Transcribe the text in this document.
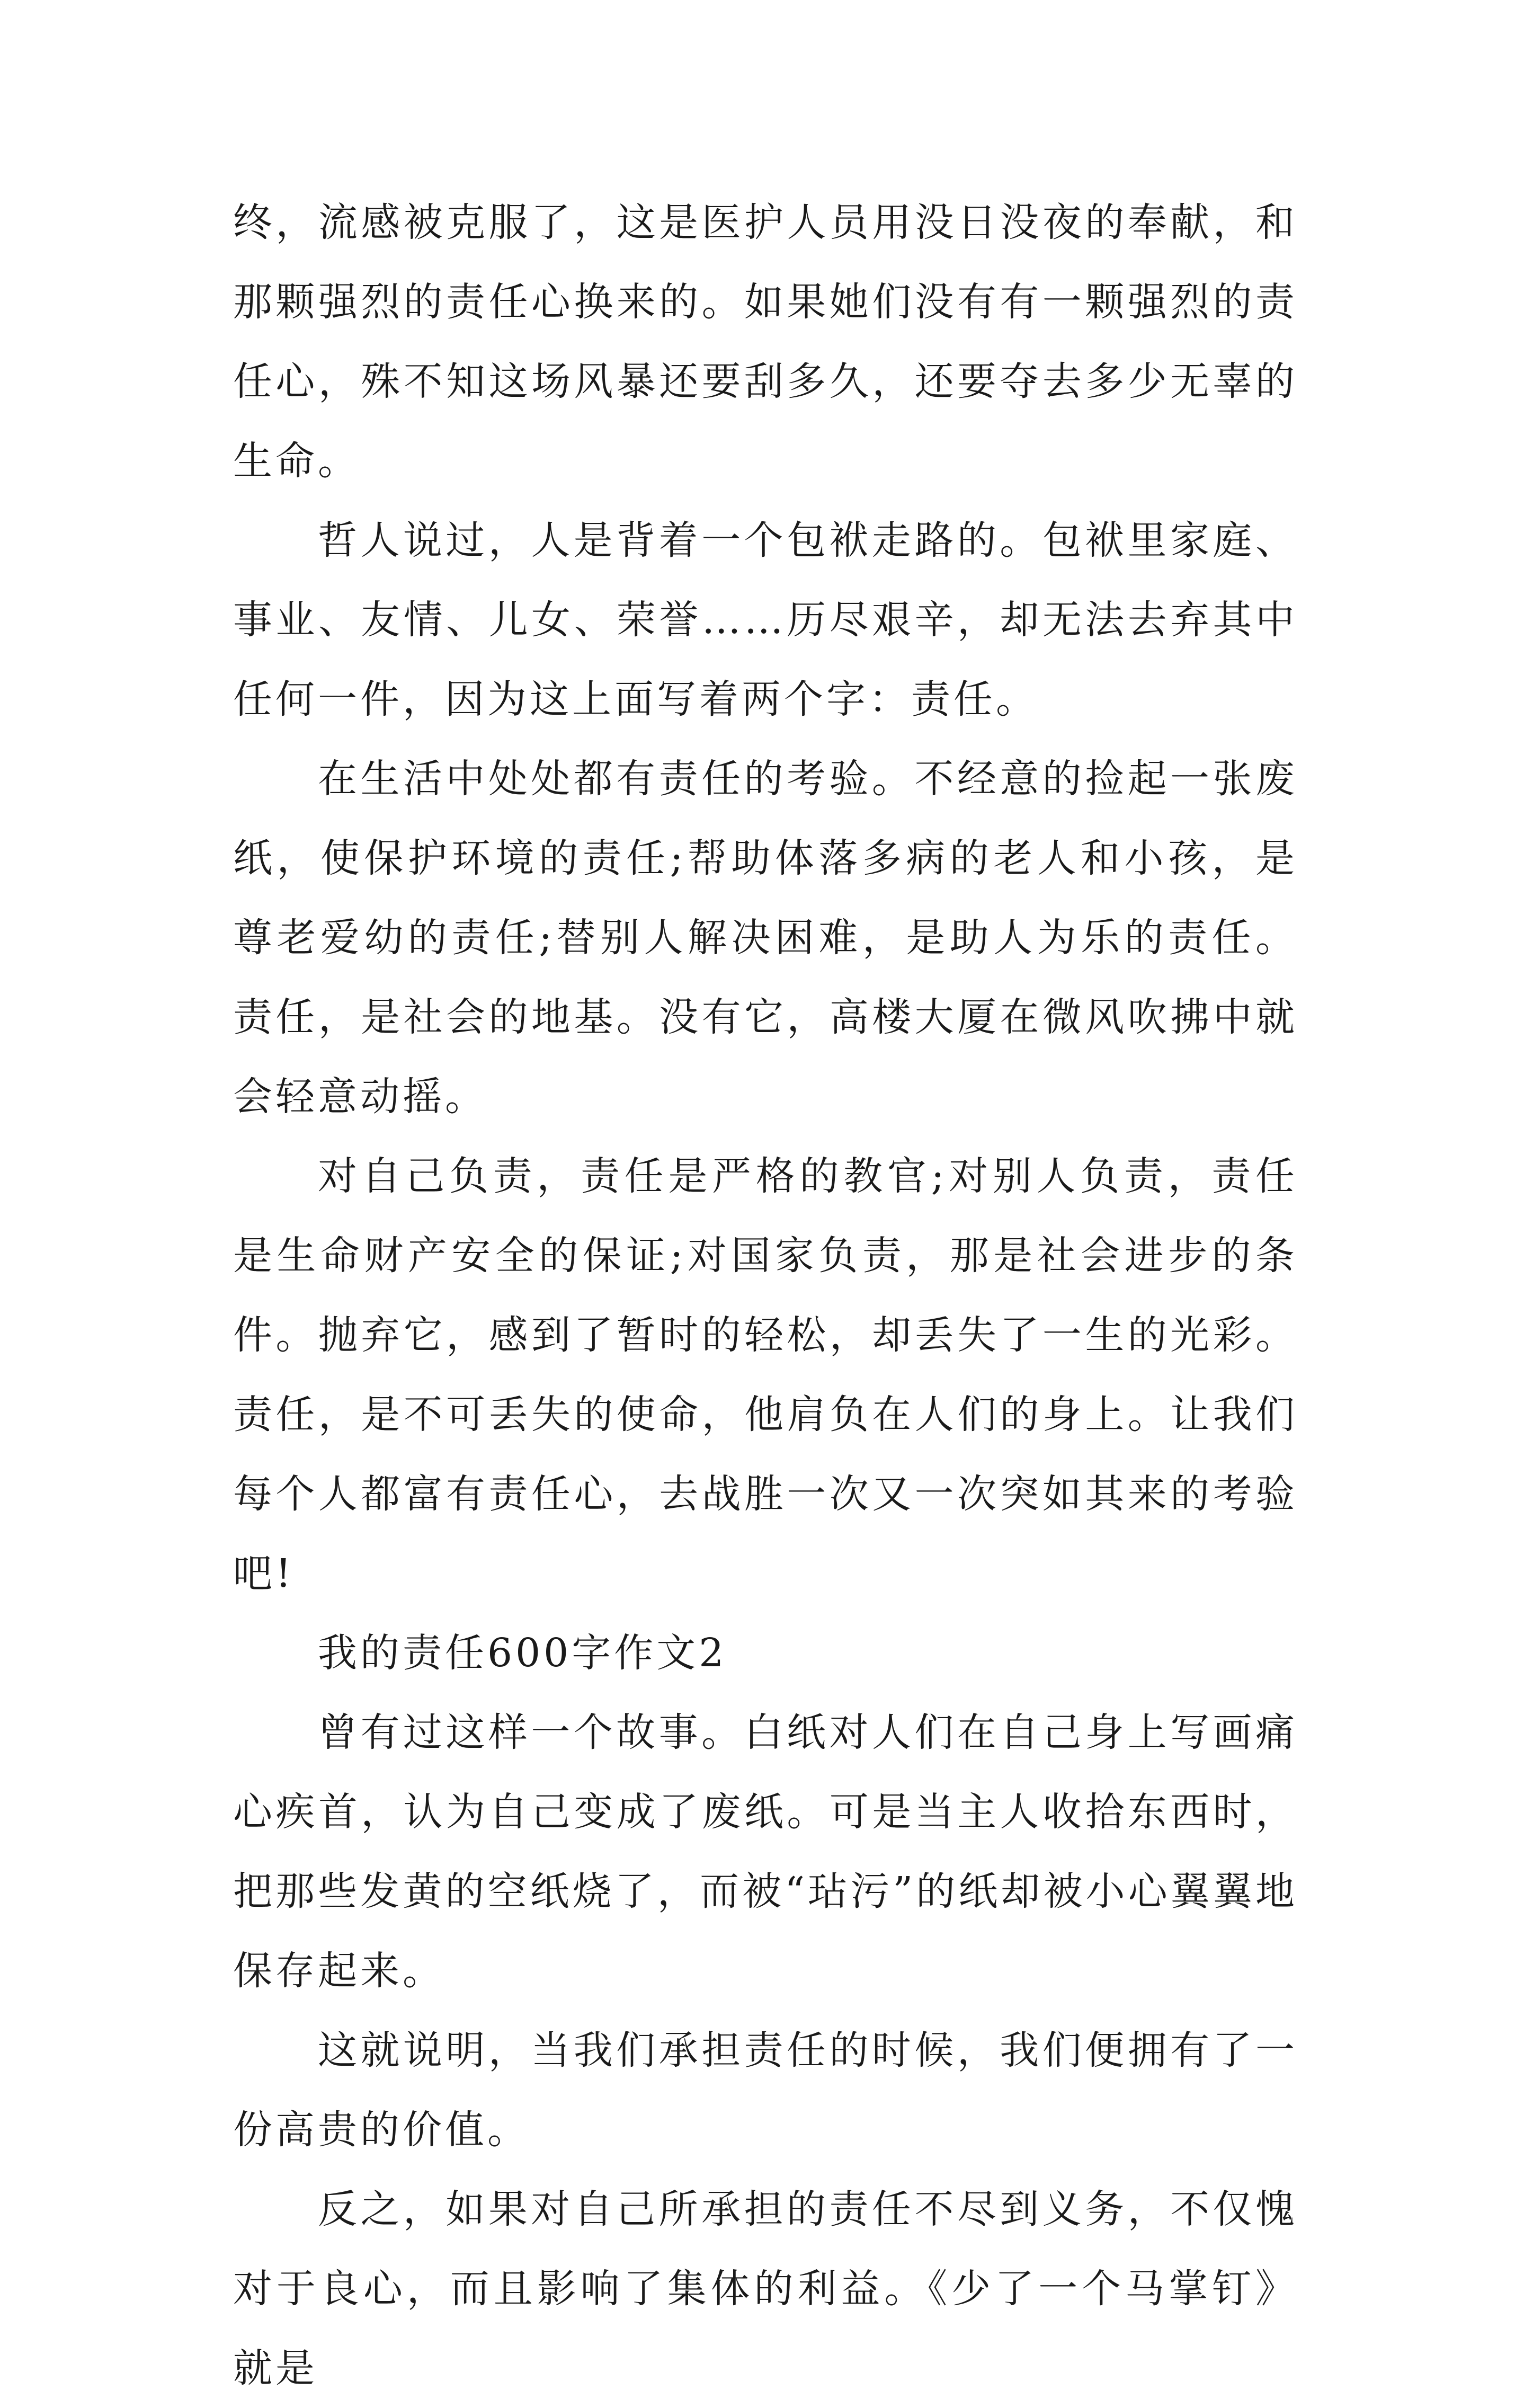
终，流感被克服了，这是医护人员用没日没夜的奉献，和那颗强烈的责任心换来的。如果她们没有有一颗强烈的责任心，殊不知这场风暴还要刮多久，还要夺去多少无辜的生命。

哲人说过，人是背着一个包袱走路的。包袱里家庭、事业、友情、儿女、荣誉……历尽艰辛，却无法去弃其中任何一件，因为这上面写着两个字：责任。

在生活中处处都有责任的考验。不经意的捡起一张废纸，使保护环境的责任;帮助体落多病的老人和小孩，是尊老爱幼的责任;替别人解决困难，是助人为乐的责任。责任，是社会的地基。没有它，高楼大厦在微风吹拂中就会轻意动摇。

对自己负责，责任是严格的教官;对别人负责，责任是生命财产安全的保证;对国家负责，那是社会进步的条件。抛弃它，感到了暂时的轻松，却丢失了一生的光彩。责任，是不可丢失的使命，他肩负在人们的身上。让我们每个人都富有责任心，去战胜一次又一次突如其来的考验吧!

我的责任600字作文2

曾有过这样一个故事。白纸对人们在自己身上写画痛心疾首，认为自己变成了废纸。可是当主人收拾东西时，把那些发黄的空纸烧了，而被“玷污”的纸却被小心翼翼地保存起来。

这就说明，当我们承担责任的时候，我们便拥有了一份高贵的价值。

反之，如果对自己所承担的责任不尽到义务，不仅愧对于良心，而且影响了集体的利益。《少了一个马掌钉》就是
